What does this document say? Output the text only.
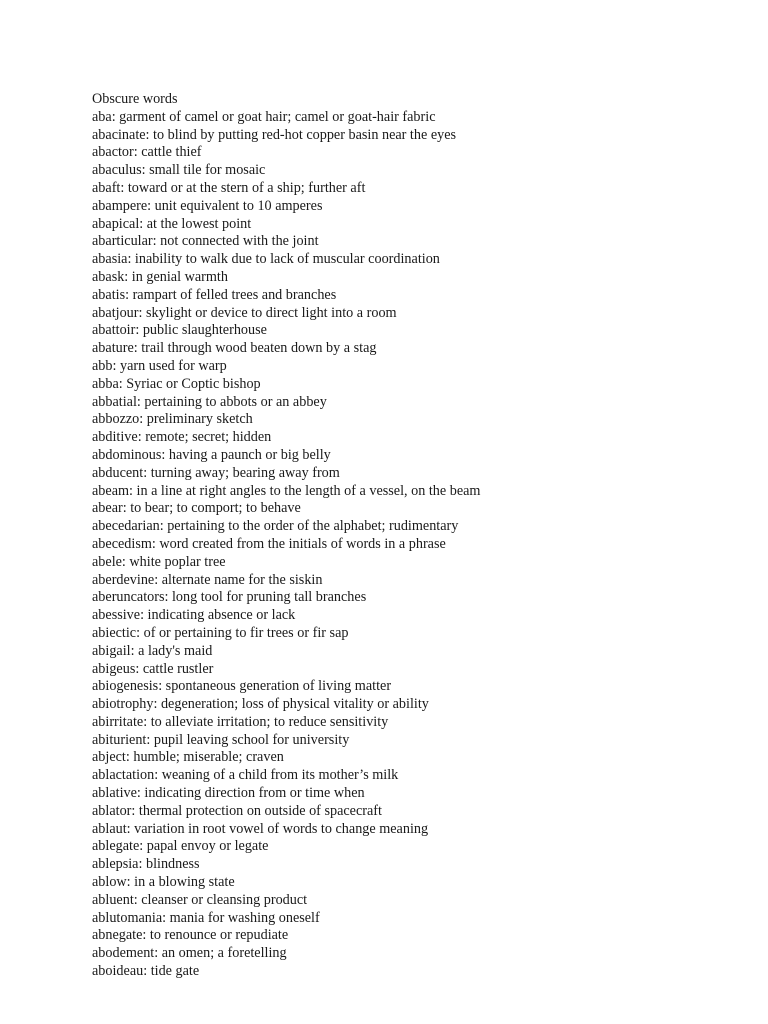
Obscure words
aba: garment of camel or goat hair; camel or goat-hair fabric
abacinate: to blind by putting red-hot copper basin near the eyes
abactor: cattle thief
abaculus: small tile for mosaic
abaft: toward or at the stern of a ship; further aft
abampere: unit equivalent to 10 amperes
abapical: at the lowest point
abarticular: not connected with the joint
abasia: inability to walk due to lack of muscular coordination
abask: in genial warmth
abatis: rampart of felled trees and branches
abatjour: skylight or device to direct light into a room
abattoir: public slaughterhouse
abature: trail through wood beaten down by a stag
abb: yarn used for warp
abba: Syriac or Coptic bishop
abbatial: pertaining to abbots or an abbey
abbozzo: preliminary sketch
abditive: remote; secret; hidden
abdominous: having a paunch or big belly
abducent: turning away; bearing away from
abeam: in a line at right angles to the length of a vessel, on the beam
abear: to bear; to comport; to behave
abecedarian: pertaining to the order of the alphabet; rudimentary
abecedism: word created from the initials of words in a phrase
abele: white poplar tree
aberdevine: alternate name for the siskin
aberuncators: long tool for pruning tall branches
abessive: indicating absence or lack
abiectic: of or pertaining to fir trees or fir sap
abigail: a lady's maid
abigeus: cattle rustler
abiogenesis: spontaneous generation of living matter
abiotrophy: degeneration; loss of physical vitality or ability
abirritate: to alleviate irritation; to reduce sensitivity
abiturient: pupil leaving school for university
abject: humble; miserable; craven
ablactation: weaning of a child from its mother’s milk
ablative: indicating direction from or time when
ablator: thermal protection on outside of spacecraft
ablaut: variation in root vowel of words to change meaning
ablegate: papal envoy or legate
ablepsia: blindness
ablow: in a blowing state
abluent: cleanser or cleansing product
ablutomania: mania for washing oneself
abnegate: to renounce or repudiate
abodement: an omen; a foretelling
aboideau: tide gate
